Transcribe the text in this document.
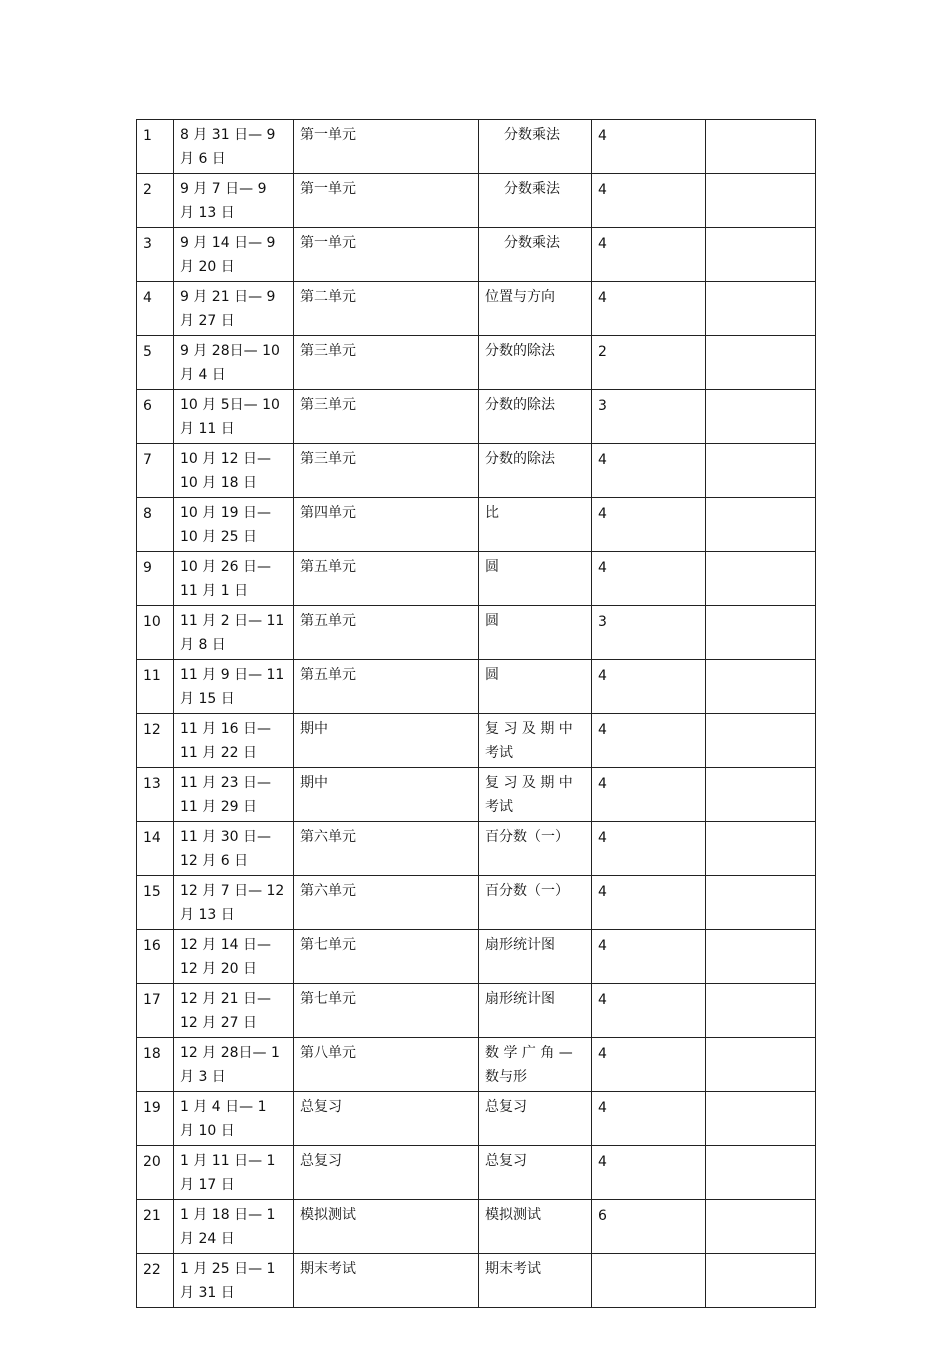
1	8 月 31 日— 9
月 6 日	第一单元	分数乘法	4	
2	9 月 7 日— 9
月 13 日	第一单元	分数乘法	4	
3	9 月 14 日— 9
月 20 日	第一单元	分数乘法	4	
4	9 月 21 日— 9
月 27 日	第二单元	位置与方向	4	
5	9 月 28日— 10
月 4 日	第三单元	分数的除法	2	
6	10 月 5日— 10
月 11 日	第三单元	分数的除法	3	
7	10 月 12 日—
10 月 18 日	第三单元	分数的除法	4	
8	10 月 19 日—
10 月 25 日	第四单元	比	4	
9	10 月 26 日—
11 月 1 日	第五单元	圆	4	
10	11 月 2 日— 11
月 8 日	第五单元	圆	3	
11	11 月 9 日— 11
月 15 日	第五单元	圆	4	
12	11 月 16 日—
11 月 22 日	期中	复 习 及 期 中
考试	4	
13	11 月 23 日—
11 月 29 日	期中	复 习 及 期 中
考试	4	
14	11 月 30 日—
12 月 6 日	第六单元	百分数（一）	4	
15	12 月 7 日— 12
月 13 日	第六单元	百分数（一）	4	
16	12 月 14 日—
12 月 20 日	第七单元	扇形统计图	4	
17	12 月 21 日—
12 月 27 日	第七单元	扇形统计图	4	
18	12 月 28日— 1
月 3 日	第八单元	数 学 广 角 —
数与形	4	
19	1 月 4 日— 1
月 10 日	总复习	总复习	4	
20	1 月 11 日— 1
月 17 日	总复习	总复习	4	
21	1 月 18 日— 1
月 24 日	模拟测试	模拟测试	6	
22	1 月 25 日— 1
月 31 日	期末考试	期末考试		
